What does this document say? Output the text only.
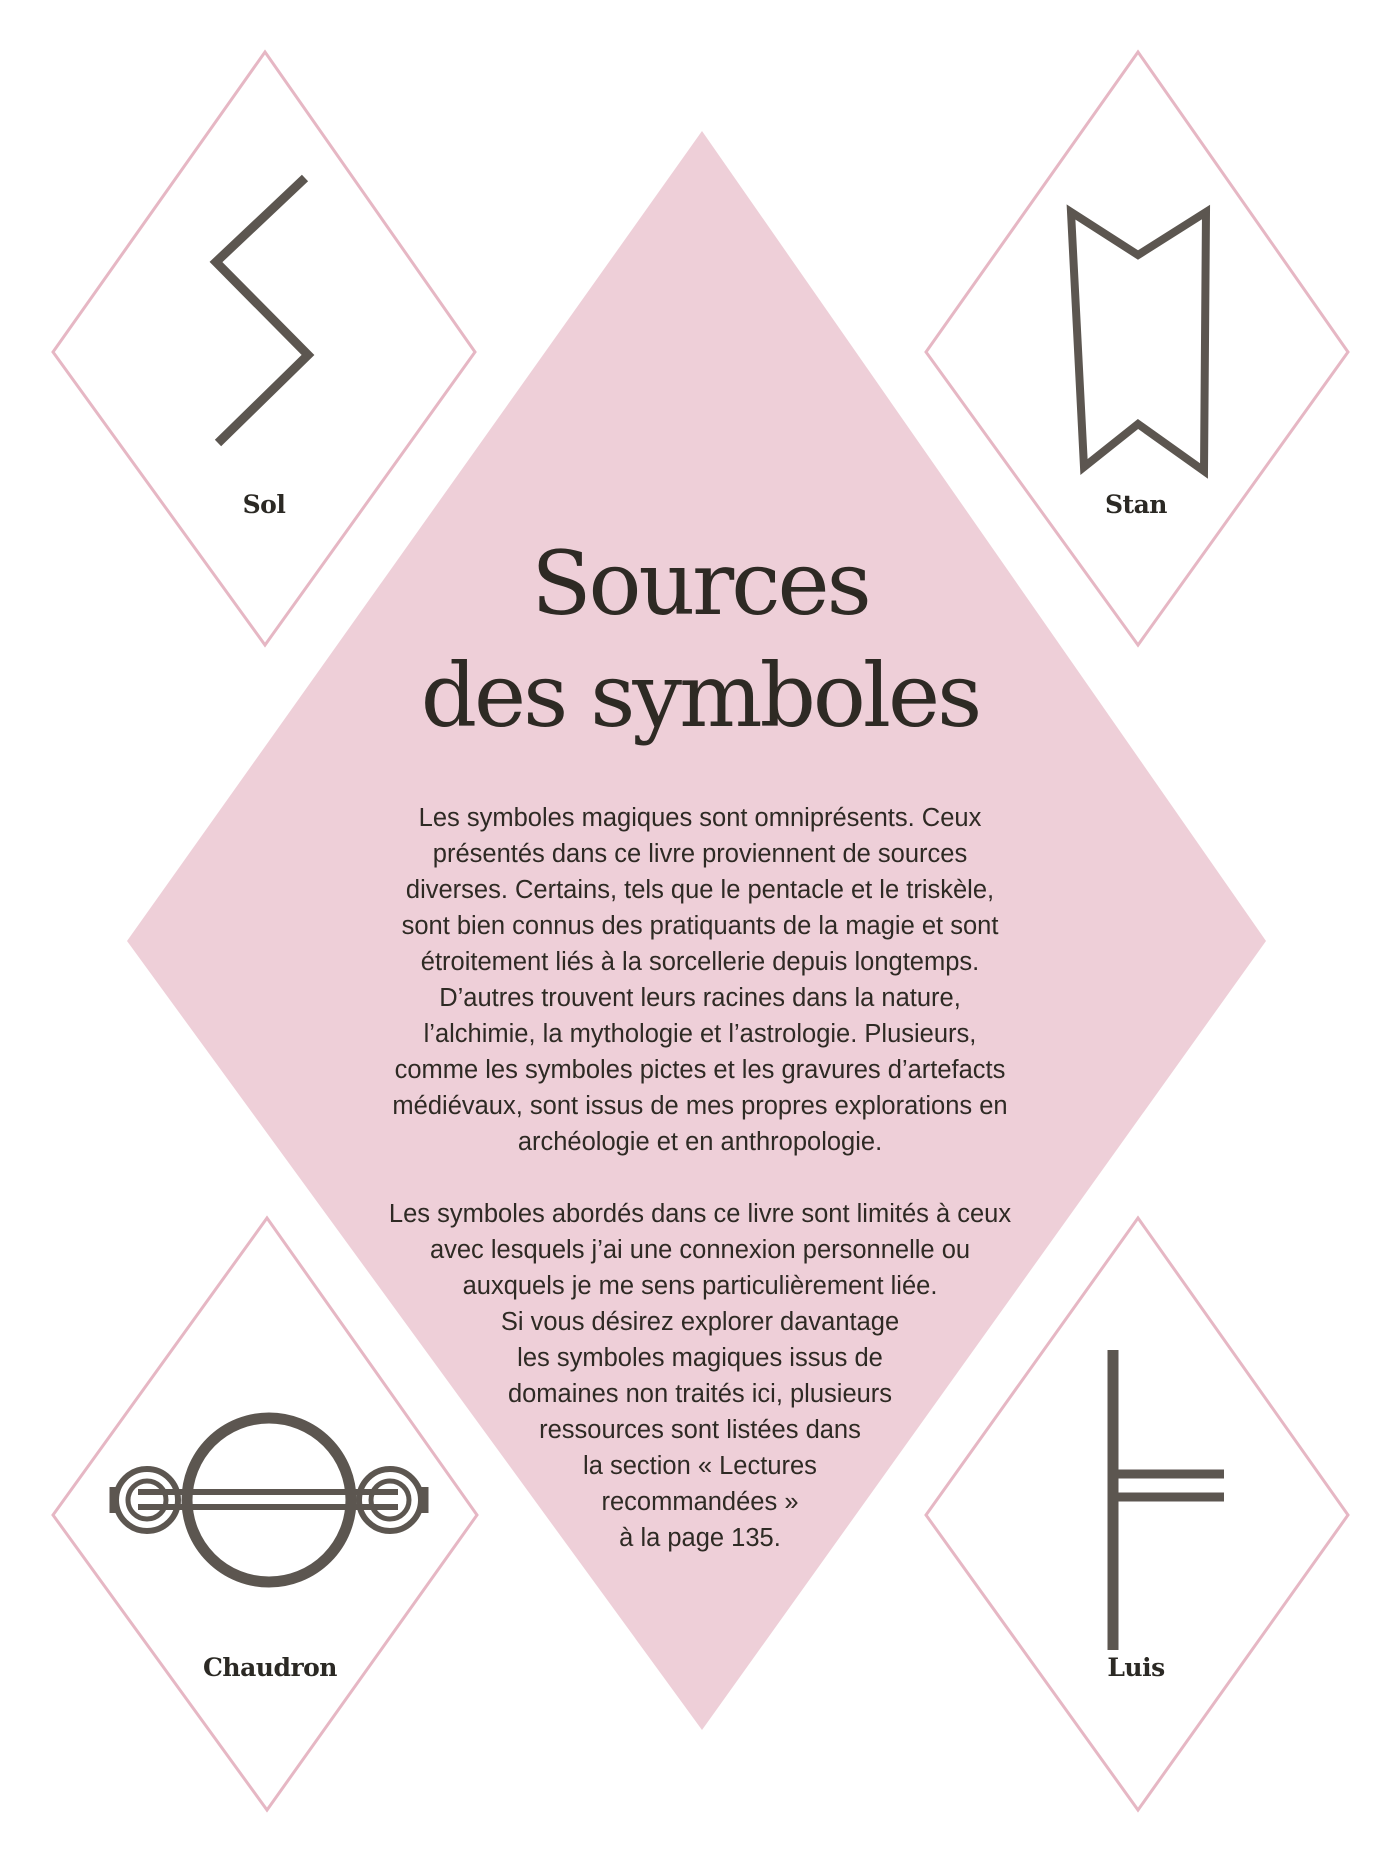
Sol	Stan
Chaudron	Luis
Sources
des symboles
Les symboles magiques sont omniprésents. Ceux
présentés dans ce livre proviennent de sources
diverses. Certains, tels que le pentacle et le triskèle,
sont bien connus des pratiquants de la magie et sont
étroitement liés à la sorcellerie depuis longtemps.
D’autres trouvent leurs racines dans la nature,
l’alchimie, la mythologie et l’astrologie. Plusieurs,
comme les symboles pictes et les gravures d’artefacts
médiévaux, sont issus de mes propres explorations en
archéologie et en anthropologie.
Les symboles abordés dans ce livre sont limités à ceux
avec lesquels j’ai une connexion personnelle ou
auxquels je me sens particulièrement liée.
Si vous désirez explorer davantage
les symboles magiques issus de
domaines non traités ici, plusieurs
ressources sont listées dans
la section « Lectures
recommandées »
à la page 135.
